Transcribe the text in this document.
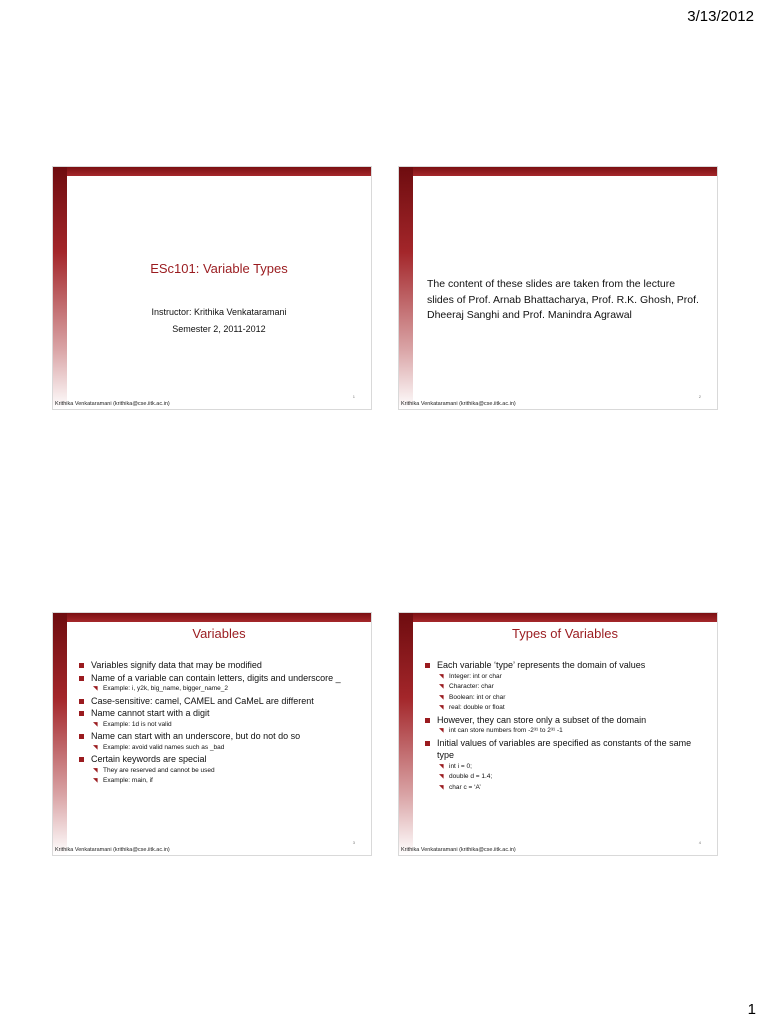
3/13/2012
ESc101: Variable Types
Instructor: Krithika Venkataramani
Semester 2, 2011-2012
Krithika Venkataramani (krithika@cse.iitk.ac.in)
1
The content of these slides are taken from the lecture slides of Prof. Arnab Bhattacharya, Prof. R.K. Ghosh, Prof. Dheeraj Sanghi and Prof. Manindra Agrawal
Krithika Venkataramani (krithika@cse.iitk.ac.in)
2
Variables
Variables signify data that may be modified
Name of a variable can contain letters, digits and underscore _
◥ Example: i, y2k, big_name, bigger_name_2
Case-sensitive: camel, CAMEL and CaMeL are different
Name cannot start with a digit
◥ Example: 1d is not valid
Name can start with an underscore, but do not do so
◥ Example: avoid valid names such as _bad
Certain keywords are special
◥ They are reserved and cannot be used
◥ Example: main, if
Krithika Venkataramani (krithika@cse.iitk.ac.in)
3
Types of Variables
Each variable ‘type’ represents the domain of values
◥ Integer: int or char
◥ Character: char
◥ Boolean: int or char
◥ real: double or float
However, they can store only a subset of the domain
◥ int can store numbers from -2³¹ to 2³¹ -1
Initial values of variables are specified as constants of the same type
◥ int i = 0;
◥ double d = 1.4;
◥ char c = ‘A’
Krithika Venkataramani (krithika@cse.iitk.ac.in)
4
1
